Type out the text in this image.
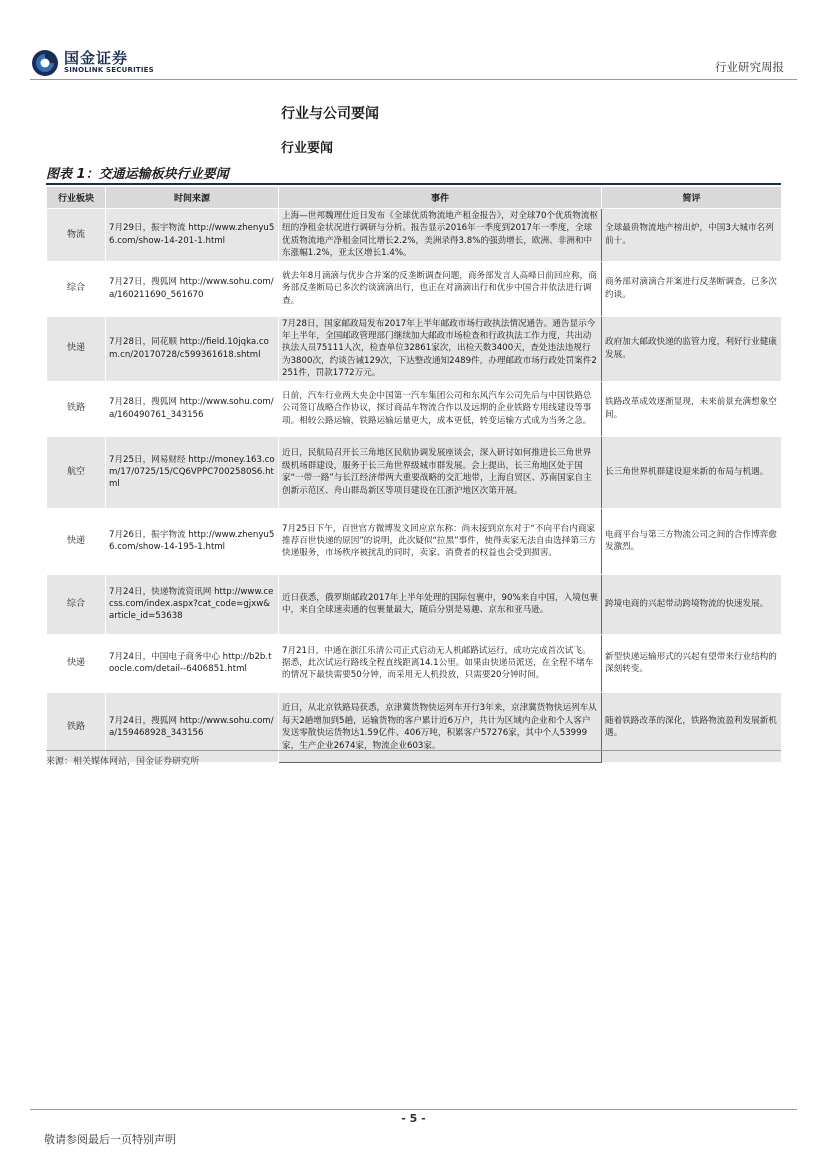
国金证券
SINOLINK SECURITIES	行业研究周报
行业与公司要闻
行业要闻
图表 1：交通运输板块行业要闻
行业板块	时间来源	事件	简评
物流	7月29日，振宇物流 http://www.zhenyu56.com/show-14-201-1.html	上海—世邦魏理仕近日发布《全球优质物流地产租金报告》，对全球70个优质物流枢纽的净租金状况进行调研与分析。报告显示2016年一季度到2017年一季度，全球优质物流地产净租金同比增长2.2%，美洲录得3.8%的强劲增长，欧洲、非洲和中东涨幅1.2%，亚太区增长1.4%。	全球最贵物流地产榜出炉，中国3大城市名列前十。
综合	7月27日，搜狐网 http://www.sohu.com/a/160211690_561670	就去年8月滴滴与优步合并案的反垄断调查问题，商务部发言人高峰日前回应称，商务部反垄断局已多次约谈滴滴出行，也正在对滴滴出行和优步中国合并依法进行调查。	商务部对滴滴合并案进行反垄断调查，已多次约谈。
快递	7月28日，同花顺 http://field.10jqka.com.cn/20170728/c599361618.shtml	7月28日，国家邮政局发布2017年上半年邮政市场行政执法情况通告。通告显示今年上半年，全国邮政管理部门继续加大邮政市场检查和行政执法工作力度，共出动执法人员75111人次，检查单位32861家次，出检天数3400天，查处违法违规行为3800次，约谈告诫129次，下达整改通知2489件，办理邮政市场行政处罚案件2251件，罚款1772万元。	政府加大邮政快递的监管力度，利好行业健康发展。
铁路	7月28日，搜狐网 http://www.sohu.com/a/160490761_343156	日前，汽车行业两大央企中国第一汽车集团公司和东风汽车公司先后与中国铁路总公司签订战略合作协议，探讨商品车物流合作以及远期的企业铁路专用线建设等事项。相较公路运输，铁路运输运量更大，成本更低，转变运输方式成为当务之急。	铁路改革成效逐渐显现，未来前景充满想象空间。
航空	7月25日，网易财经 http://money.163.com/17/0725/15/CQ6VPPC7002580S6.html	近日，民航局召开长三角地区民航协调发展座谈会，深入研讨如何推进长三角世界级机场群建设，服务于长三角世界级城市群发展。会上提出，长三角地区处于国家“一带一路”与长江经济带两大重要战略的交汇地带，上海自贸区、苏南国家自主创新示范区、舟山群岛新区等项目建设在江浙沪地区次第开展。	长三角世界机群建设迎来新的布局与机遇。
快递	7月26日，振宇物流 http://www.zhenyu56.com/show-14-195-1.html	7月25日下午，百世官方微博发文回应京东称：尚未接到京东对于“不向平台内商家推荐百世快递的原因”的说明，此次疑似“拉黑”事件，使得卖家无法自由选择第三方快递服务，市场秩序被扰乱的同时，卖家、消费者的权益也会受到损害。	电商平台与第三方物流公司之间的合作博弈愈发激烈。
综合	7月24日，快递物流资讯网 http://www.cecss.com/index.aspx?cat_code=gjxw&article_id=53638	近日获悉，俄罗斯邮政2017年上半年处理的国际包裹中，90%来自中国，入境包裹中，来自全球速卖通的包裹量最大，随后分别是易趣、京东和亚马逊。	跨境电商的兴起带动跨境物流的快速发展。
快递	7月24日，中国电子商务中心 http://b2b.toocle.com/detail--6406851.html	7月21日，中通在浙江乐清公司正式启动无人机邮路试运行，成功完成首次试飞。据悉，此次试运行路线全程直线距离14.1公里。如果由快递员派送，在全程不堵车的情况下最快需要50分钟，而采用无人机投放，只需要20分钟时间。	新型快递运输形式的兴起有望带来行业结构的深刻转变。
铁路	7月24日，搜狐网 http://www.sohu.com/a/159468928_343156	近日，从北京铁路局获悉，京津冀货物快运列车开行3年来，京津冀货物快运列车从每天2趟增加到5趟，运输货物的客户累计近6万户，共计为区域内企业和个人客户发送零散快运货物达1.59亿件、406万吨，积累客户57276家，其中个人53999家，生产企业2674家，物流企业603家。	随着铁路改革的深化，铁路物流盈利发展新机遇。
来源：相关媒体网站，国金证券研究所
- 5 -
敬请参阅最后一页特别声明
